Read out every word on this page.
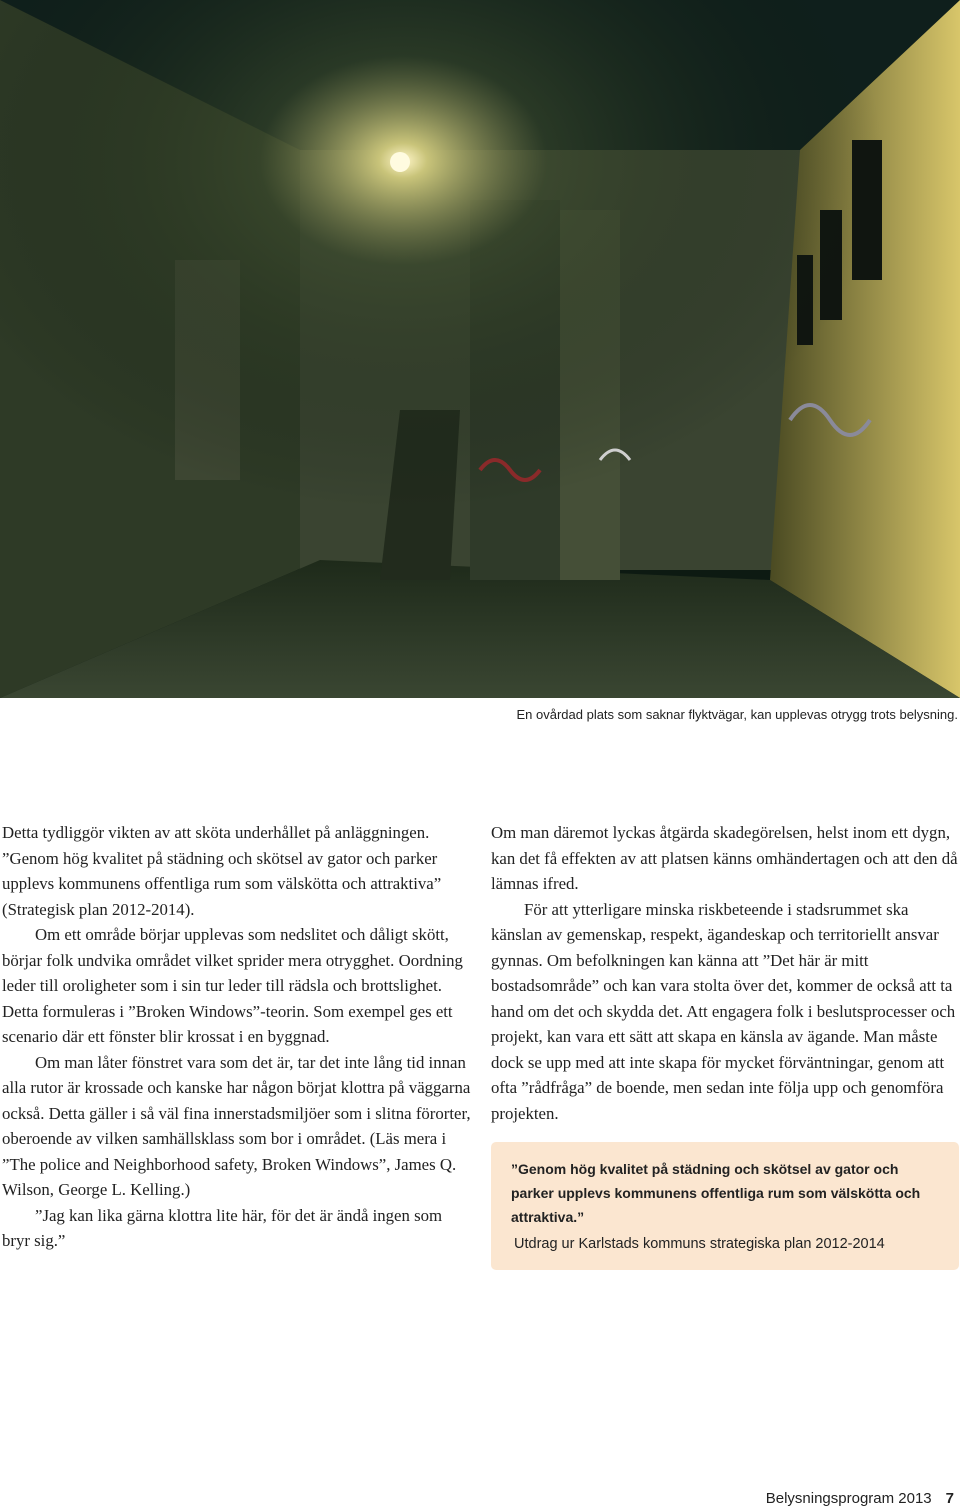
En ovårdad plats som saknar flyktvägar, kan upplevas otrygg trots belysning.

Detta tydliggör vikten av att sköta underhållet på anläggningen. ”Genom hög kvalitet på städning och skötsel av gator och parker upplevs kommunens offentliga rum som välskötta och attraktiva” (Strategisk plan 2012-2014).

Om ett område börjar upplevas som nedslitet och dåligt skött, börjar folk undvika området vilket sprider mera otrygghet. Oordning leder till oroligheter som i sin tur leder till rädsla och brottslighet. Detta formuleras i ”Broken Windows”-teorin. Som exempel ges ett scenario där ett fönster blir krossat i en byggnad.

Om man låter fönstret vara som det är, tar det inte lång tid innan alla rutor är krossade och kanske har någon börjat klottra på väggarna också. Detta gäller i så väl fina innerstadsmiljöer som i slitna förorter, oberoende av vilken samhällsklass som bor i området. (Läs mera i ”The police and Neighborhood safety, Broken Windows”, James Q. Wilson, George L. Kelling.)

”Jag kan lika gärna klottra lite här, för det är ändå ingen som bryr sig.”

Om man däremot lyckas åtgärda skadegörelsen, helst inom ett dygn, kan det få effekten av att platsen känns omhändertagen och att den då lämnas ifred.

För att ytterligare minska riskbeteende i stadsrummet ska känslan av gemenskap, respekt, ägandeskap och territoriellt ansvar gynnas. Om befolkningen kan känna att ”Det här är mitt bostadsområde” och kan vara stolta över det, kommer de också att ta hand om det och skydda det. Att engagera folk i beslutsprocesser och projekt, kan vara ett sätt att skapa en känsla av ägande. Man måste dock se upp med att inte skapa för mycket förväntningar, genom att ofta ”rådfråga” de boende, men sedan inte följa upp och genomföra projekten.

”Genom hög kvalitet på städning och skötsel av gator och parker upplevs kommunens offentliga rum som välskötta och attraktiva.”
Utdrag ur Karlstads kommuns strategiska plan 2012-2014
Belysningsprogram 2013 7
